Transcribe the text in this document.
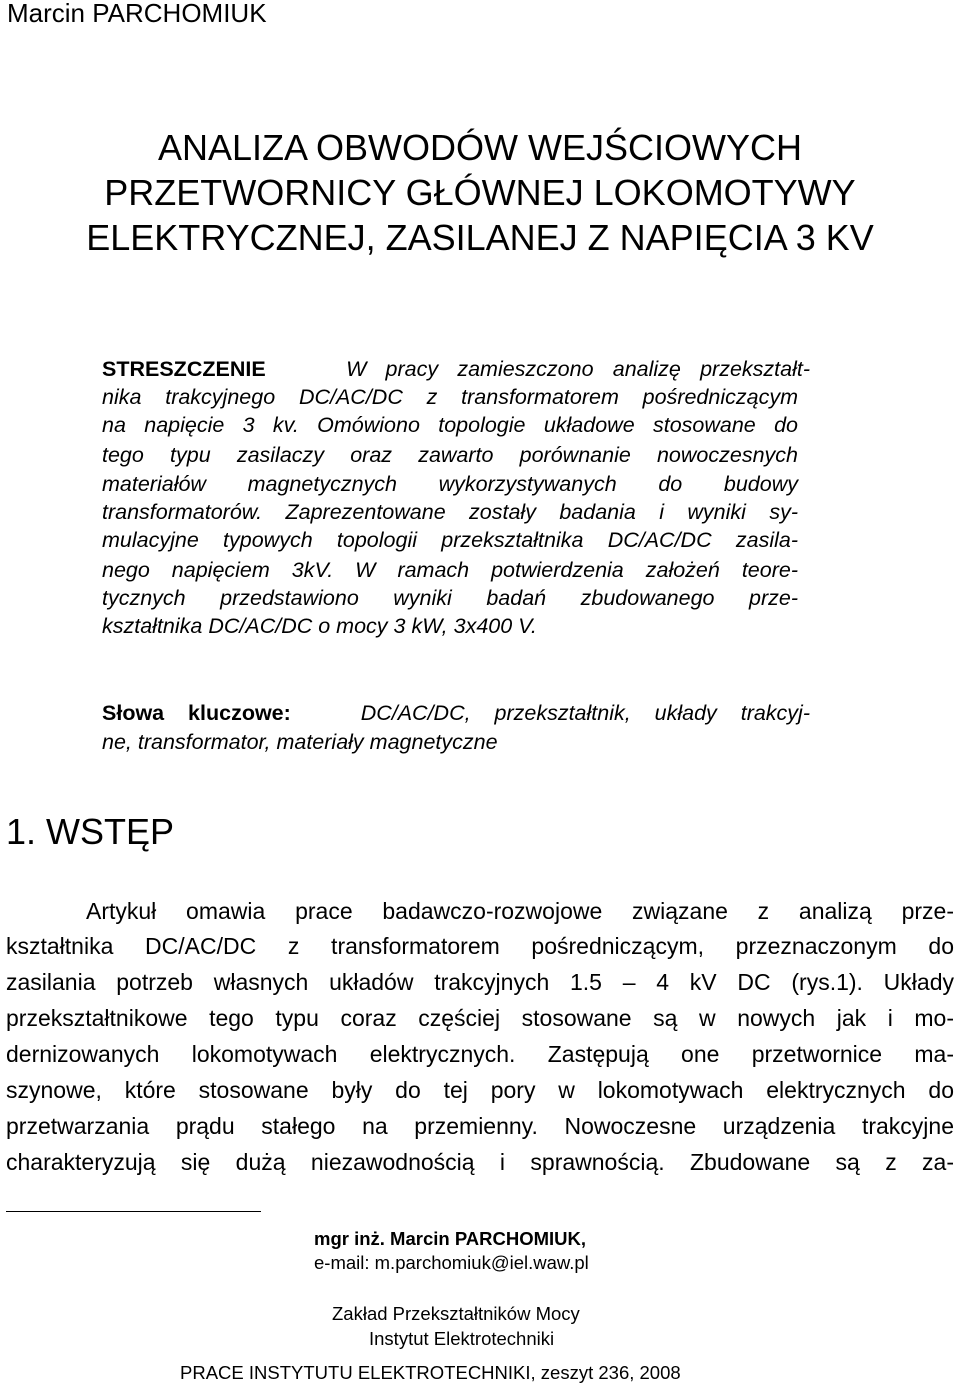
Marcin PARCHOMIUK
ANALIZA OBWODÓW WEJŚCIOWYCH
PRZETWORNICY GŁÓWNEJ LOKOMOTYWY
ELEKTRYCZNEJ, ZASILANEJ Z NAPIĘCIA 3 KV
STRESZCZENIE	W pracy zamieszczono analizę przekształt-
nika trakcyjnego DC/AC/DC z transformatorem pośredniczącym
na napięcie 3 kv. Omówiono topologie układowe stosowane do
tego typu zasilaczy oraz zawarto porównanie nowoczesnych
materiałów magnetycznych wykorzystywanych do budowy
transformatorów. Zaprezentowane zostały badania i wyniki sy-
mulacyjne typowych topologii przekształtnika DC/AC/DC zasila-
nego napięciem 3kV. W ramach potwierdzenia założeń teore-
tycznych przedstawiono wyniki badań zbudowanego prze-
kształtnika DC/AC/DC o mocy 3 kW, 3x400 V.
Słowa kluczowe:	DC/AC/DC, przekształtnik, układy trakcyj-
ne, transformator, materiały magnetyczne
1. WSTĘP
Artykuł omawia prace badawczo-rozwojowe związane z analizą prze-
kształtnika DC/AC/DC z transformatorem pośredniczącym, przeznaczonym do
zasilania potrzeb własnych układów trakcyjnych 1.5 – 4 kV DC (rys.1). Układy
przekształtnikowe tego typu coraz częściej stosowane są w nowych jak i mo-
dernizowanych lokomotywach elektrycznych. Zastępują one przetwornice ma-
szynowe, które stosowane były do tej pory w lokomotywach elektrycznych do
przetwarzania prądu stałego na przemienny. Nowoczesne urządzenia trakcyjne
charakteryzują się dużą niezawodnością i sprawnością. Zbudowane są z za-
mgr inż. Marcin PARCHOMIUK,
e-mail: m.parchomiuk@iel.waw.pl
Zakład Przekształtników Mocy
Instytut Elektrotechniki
PRACE INSTYTUTU ELEKTROTECHNIKI, zeszyt 236, 2008
